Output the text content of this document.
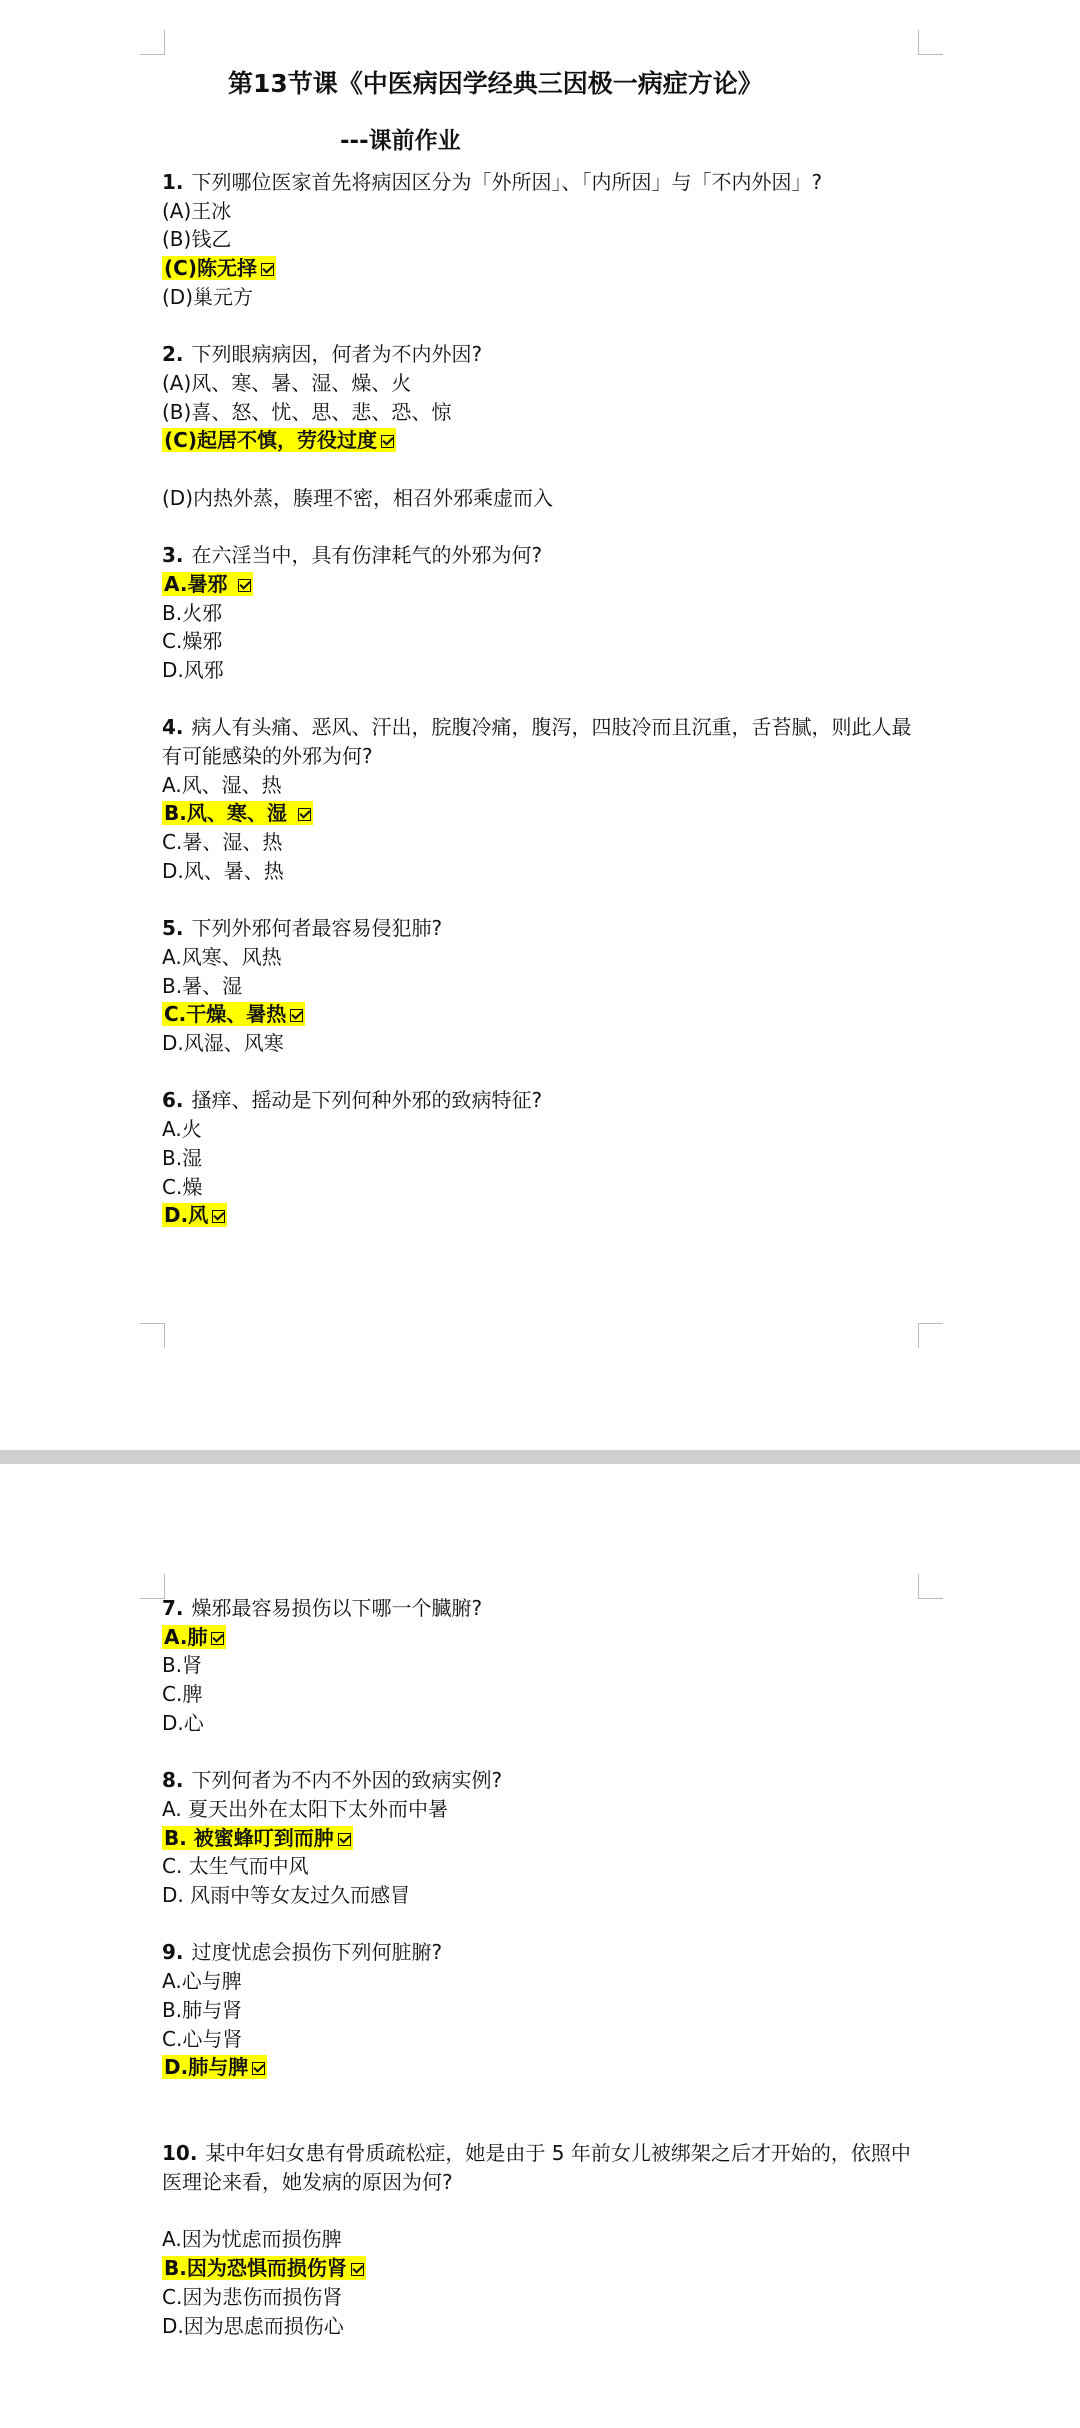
第13节课《中医病因学经典三因极一病症方论》
---课前作业

1. 下列哪位医家首先将病因区分为「外所因」、「内所因」与「不内外因」?

(A)王冰

(B)钱乙

(C)陈无择

(D)巢元方

2. 下列眼病病因，何者为不内外因?

(A)风、寒、暑、湿、燥、火

(B)喜、怒、忧、思、悲、恐、惊

(C)起居不慎，劳役过度

(D)内热外蒸，腠理不密，相召外邪乘虚而入

3. 在六淫当中，具有伤津耗气的外邪为何?

A.暑邪

B.火邪

C.燥邪

D.风邪

4. 病人有头痛、恶风、汗出，脘腹冷痛，腹泻，四肢冷而且沉重，舌苔腻，则此人最有可能感染的外邪为何?

A.风、湿、热

B.风、寒、湿

C.暑、湿、热

D.风、暑、热

5. 下列外邪何者最容易侵犯肺?

A.风寒、风热

B.暑、湿

C.干燥、暑热

D.风湿、风寒

6. 搔痒、摇动是下列何种外邪的致病特征?

A.火

B.湿

C.燥

D.风

7. 燥邪最容易损伤以下哪一个臓腑?

A.肺

B.肾

C.脾

D.心

8. 下列何者为不内不外因的致病实例?

A. 夏天出外在太阳下太外而中暑

B. 被蜜蜂叮到而肿

C. 太生气而中风

D. 风雨中等女友过久而感冒

9. 过度忧虑会损伤下列何脏腑?

A.心与脾

B.肺与肾

C.心与肾

D.肺与脾

10. 某中年妇女患有骨质疏松症，她是由于 5 年前女儿被绑架之后才开始的，依照中医理论来看，她发病的原因为何?

A.因为忧虑而损伤脾

B.因为恐惧而损伤肾

C.因为悲伤而损伤肾

D.因为思虑而损伤心
